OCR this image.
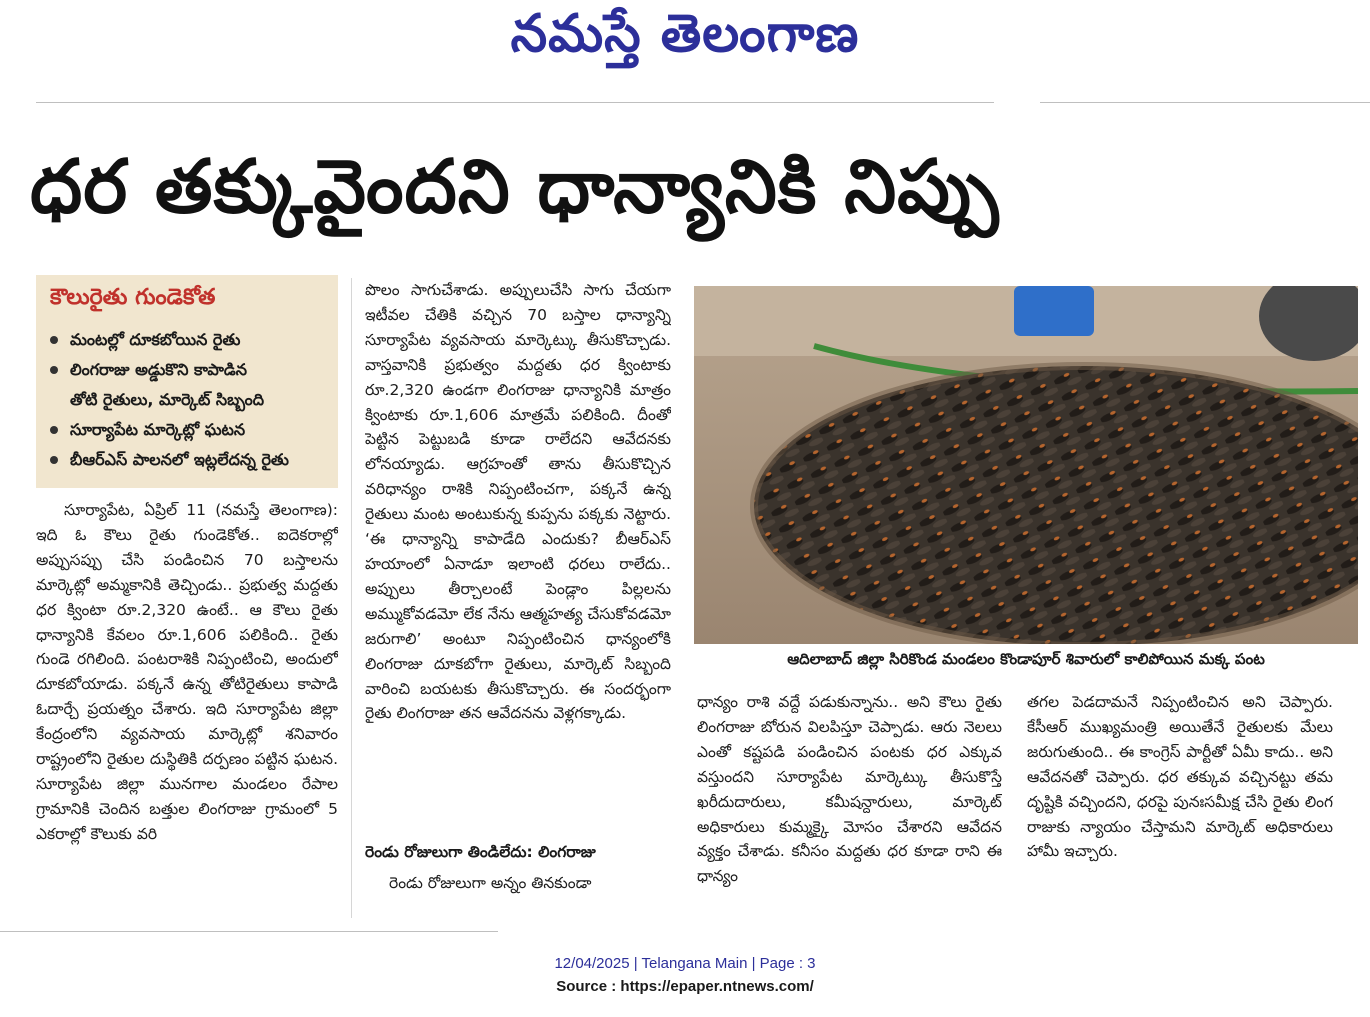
నమస్తే తెలంగాణ
ధర తక్కువైందని ధాన్యానికి నిప్పు
కౌలురైతు గుండెకోత
మంటల్లో దూకబోయిన రైతు
లింగరాజు అడ్డుకొని కాపాడిన
తోటి రైతులు, మార్కెట్ సిబ్బంది
సూర్యాపేట మార్కెట్లో ఘటన
బీఆర్ఎస్ పాలనలో ఇట్లలేదన్న రైతు

సూర్యాపేట, ఏప్రిల్ 11 (నమస్తే తెలంగాణ): ఇది ఓ కౌలు రైతు గుండెకోత.. ఐదెకరాల్లో అప్పుసప్పు చేసి పండించిన 70 బస్తాలను మార్కెట్లో అమ్మకానికి తెచ్చిండు.. ప్రభుత్వ మద్దతు ధర క్వింటా రూ.2,320 ఉంటే.. ఆ కౌలు రైతు ధాన్యానికి కేవలం రూ.1,606 పలికింది.. రైతు గుండె రగిలింది. పంటరాశికి నిప్పంటించి, అందులో దూకబోయాడు. పక్కనే ఉన్న తోటిరైతులు కాపాడి ఓదార్చే ప్రయత్నం చేశారు. ఇది సూర్యాపేట జిల్లా కేంద్రంలోని వ్యవసాయ మార్కెట్లో శనివారం రాష్ట్రంలోని రైతుల దుస్థితికి దర్పణం పట్టిన ఘటన. సూర్యాపేట జిల్లా మునగాల మండలం రేపాల గ్రామానికి చెందిన బత్తుల లింగరాజు గ్రామంలో 5 ఎకరాల్లో కౌలుకు వరి

పొలం సాగుచేశాడు. అప్పులుచేసి సాగు చేయగా ఇటీవల చేతికి వచ్చిన 70 బస్తాల ధాన్యాన్ని సూర్యాపేట వ్యవసాయ మార్కెట్కు తీసుకొచ్చాడు. వాస్తవానికి ప్రభుత్వం మద్దతు ధర క్వింటాకు రూ.2,320 ఉండగా లింగరాజు ధాన్యానికి మాత్రం క్వింటాకు రూ.1,606 మాత్రమే పలికింది. దీంతో పెట్టిన పెట్టుబడి కూడా రాలేదని ఆవేదనకు లోనయ్యాడు. ఆగ్రహంతో తాను తీసుకొచ్చిన వరిధాన్యం రాశికి నిప్పంటించగా, పక్కనే ఉన్న రైతులు మంట అంటుకున్న కుప్పను పక్కకు నెట్టారు. ‘ఈ ధాన్యాన్ని కాపాడేది ఎందుకు? బీఆర్ఎస్ హయాంలో ఏనాడూ ఇలాంటి ధరలు రాలేదు.. అప్పులు తీర్చాలంటే పెండ్లాం పిల్లలను అమ్ముకోవడమో లేక నేను ఆత్మహత్య చేసుకోవడమో జరుగాలి’ అంటూ నిప్పంటించిన ధాన్యంలోకి లింగరాజు దూకబోగా రైతులు, మార్కెట్ సిబ్బంది వారించి బయటకు తీసుకొచ్చారు. ఈ సందర్భంగా రైతు లింగరాజు తన ఆవేదనను వెళ్లగక్కాడు.

రెండు రోజులుగా తిండిలేదు: లింగరాజు

రెండు రోజులుగా అన్నం తినకుండా

ఆదిలాబాద్ జిల్లా సిరికొండ మండలం కొండాపూర్ శివారులో కాలిపోయిన మక్క పంట

ధాన్యం రాశి వద్దే పడుకున్నాను.. అని కౌలు రైతు లింగరాజు బోరున విలపిస్తూ చెప్పాడు. ఆరు నెలలు ఎంతో కష్టపడి పండించిన పంటకు ధర ఎక్కువ వస్తుందని సూర్యాపేట మార్కెట్కు తీసుకొస్తే ఖరీదుదారులు, కమీషన్దారులు, మార్కెట్ అధికారులు కుమ్మక్కై మోసం చేశారని ఆవేదన వ్యక్తం చేశాడు. కనీసం మద్దతు ధర కూడా రాని ఈ ధాన్యం

తగల పెడదామనే నిప్పంటించిన అని చెప్పారు. కేసీఆర్ ముఖ్యమంత్రి అయితేనే రైతులకు మేలు జరుగుతుంది.. ఈ కాంగ్రెస్ పార్టీతో ఏమీ కాదు.. అని ఆవేదనతో చెప్పారు. ధర తక్కువ వచ్చినట్టు తమ దృష్టికి వచ్చిందని, ధరపై పునఃసమీక్ష చేసి రైతు లింగ రాజుకు న్యాయం చేస్తామని మార్కెట్ అధికారులు హామీ ఇచ్చారు.

12/04/2025 | Telangana Main | Page : 3
Source : https://epaper.ntnews.com/
